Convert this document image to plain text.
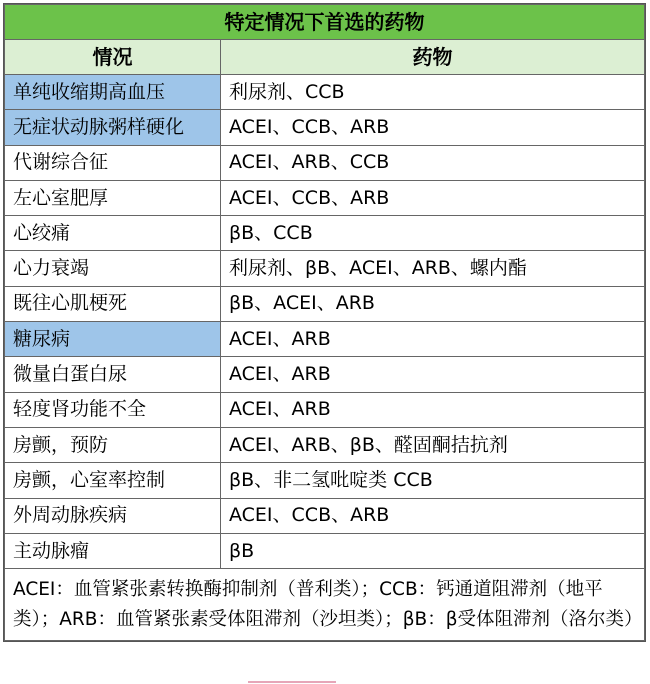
特定情况下首选的药物	
情况	药物
单纯收缩期高血压	利尿剂、CCB
无症状动脉粥样硬化	ACEI、CCB、ARB
代谢综合征	ACEI、ARB、CCB
左心室肥厚	ACEI、CCB、ARB
心绞痛	βB、CCB
心力衰竭	利尿剂、βB、ACEI、ARB、螺内酯
既往心肌梗死	βB、ACEI、ARB
糖尿病	ACEI、ARB
微量白蛋白尿	ACEI、ARB
轻度肾功能不全	ACEI、ARB
房颤，预防	ACEI、ARB、βB、醛固酮拮抗剂
房颤，心室率控制	βB、非二氢吡啶类 CCB
外周动脉疾病	ACEI、CCB、ARB
主动脉瘤	βB
ACEI：血管紧张素转换酶抑制剂（普利类）；CCB：钙通道阻滞剂（地平类）；ARB：血管紧张素受体阻滞剂（沙坦类）；βB：β受体阻滞剂（洛尔类）	
